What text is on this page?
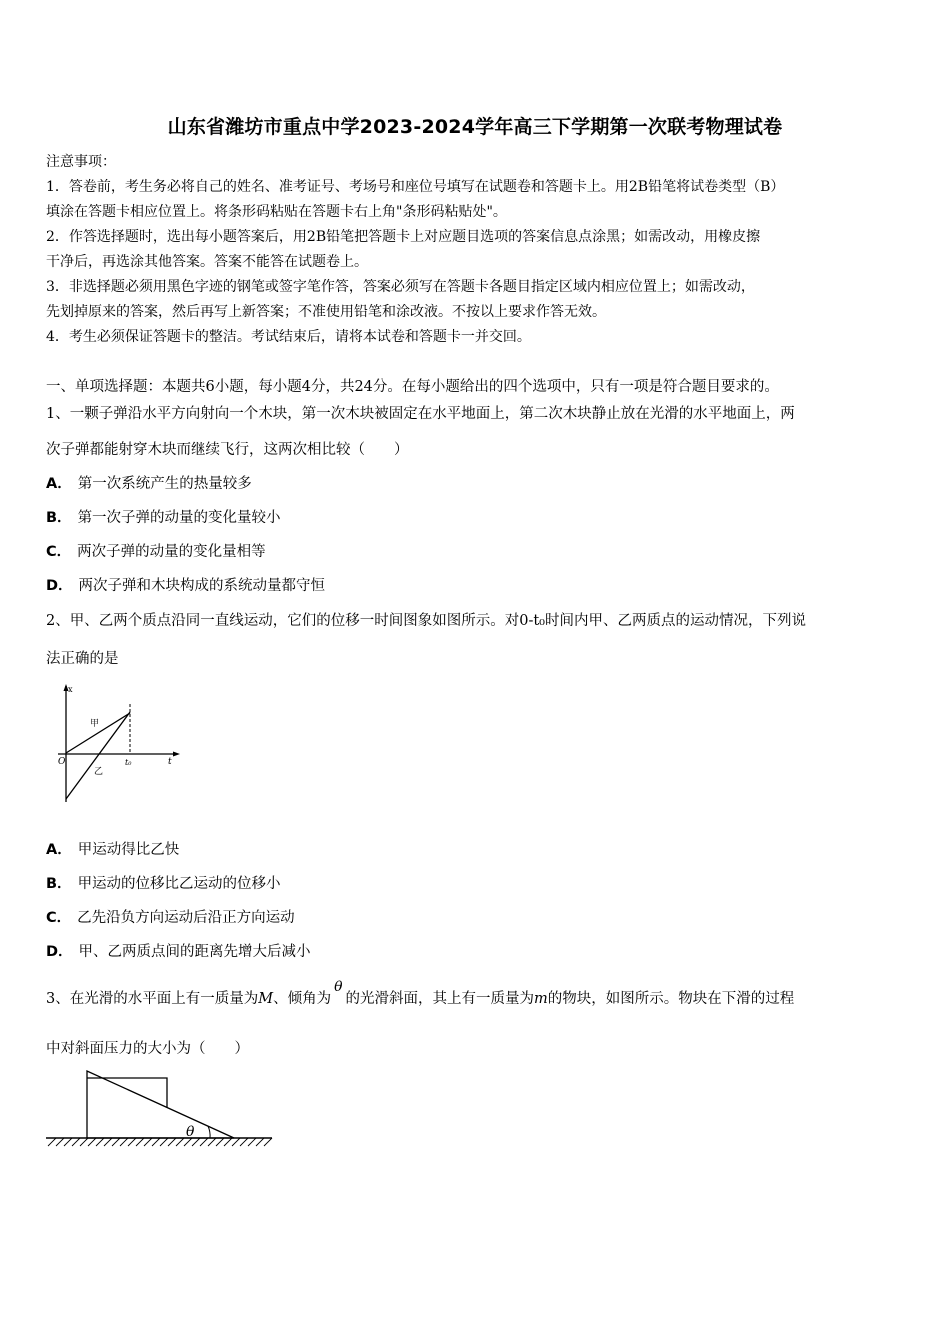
山东省潍坊市重点中学2023-2024学年高三下学期第一次联考物理试卷
注意事项：
1．答卷前，考生务必将自己的姓名、准考证号、考场号和座位号填写在试题卷和答题卡上。用2B铅笔将试卷类型（B）
填涂在答题卡相应位置上。将条形码粘贴在答题卡右上角"条形码粘贴处"。
2．作答选择题时，选出每小题答案后，用2B铅笔把答题卡上对应题目选项的答案信息点涂黑；如需改动，用橡皮擦
干净后，再选涂其他答案。答案不能答在试题卷上。
3．非选择题必须用黑色字迹的钢笔或签字笔作答，答案必须写在答题卡各题目指定区域内相应位置上；如需改动，
先划掉原来的答案，然后再写上新答案；不准使用铅笔和涂改液。不按以上要求作答无效。
4．考生必须保证答题卡的整洁。考试结束后，请将本试卷和答题卡一并交回。
一、单项选择题：本题共6小题，每小题4分，共24分。在每小题给出的四个选项中，只有一项是符合题目要求的。
1、一颗子弹沿水平方向射向一个木块，第一次木块被固定在水平地面上，第二次木块静止放在光滑的水平地面上，两
次子弹都能射穿木块而继续飞行，这两次相比较（　　）
A． 第一次系统产生的热量较多
B． 第一次子弹的动量的变化量较小
C． 两次子弹的动量的变化量相等
D． 两次子弹和木块构成的系统动量都守恒
2、甲、乙两个质点沿同一直线运动，它们的位移一时间图象如图所示。对0-t₀时间内甲、乙两质点的运动情况，下列说
法正确的是
x
O	t
t₀
甲
乙
A． 甲运动得比乙快
B． 甲运动的位移比乙运动的位移小
C． 乙先沿负方向运动后沿正方向运动
D． 甲、乙两质点间的距离先增大后减小
3、在光滑的水平面上有一质量为M、倾角为θ的光滑斜面，其上有一质量为m的物块，如图所示。物块在下滑的过程
中对斜面压力的大小为（　　）
θ
